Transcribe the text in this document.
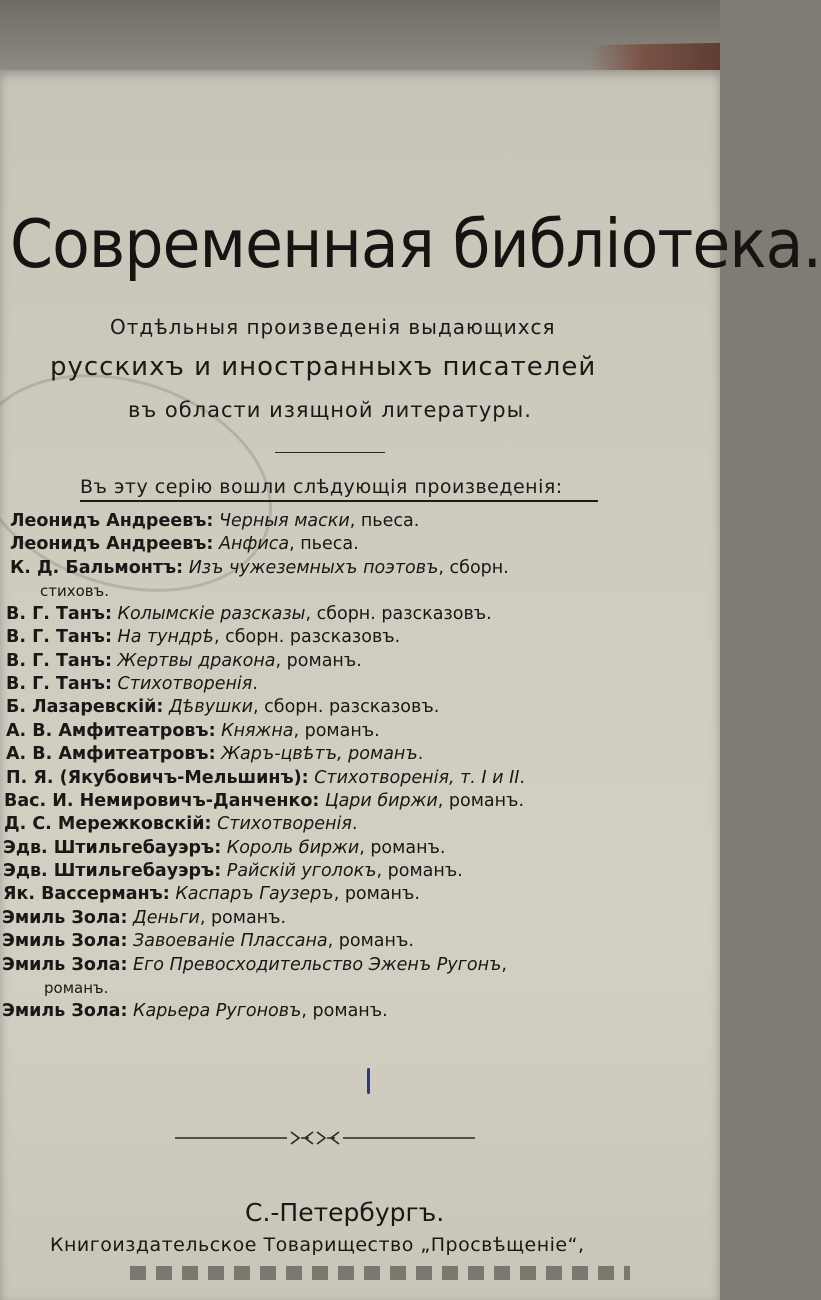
Современная библіотека.
Отдѣльныя произведенія выдающихся
русскихъ и иностранныхъ писателей
въ области изящной литературы.
Въ эту серію вошли слѣдующія произведенія:
Леонидъ Андреевъ: Черныя маски, пьеса.
Леонидъ Андреевъ: Анфиса, пьеса.
К. Д. Бальмонтъ: Изъ чужеземныхъ поэтовъ, сборн.
стиховъ.
В. Г. Танъ: Колымскіе разсказы, сборн. разсказовъ.
В. Г. Танъ: На тундрѣ, сборн. разсказовъ.
В. Г. Танъ: Жертвы дракона, романъ.
В. Г. Танъ: Стихотворенія.
Б. Лазаревскій: Дѣвушки, сборн. разсказовъ.
А. В. Амфитеатровъ: Княжна, романъ.
А. В. Амфитеатровъ: Жаръ-цвѣтъ, романъ.
П. Я. (Якубовичъ-Мельшинъ): Стихотворенія, т. I и II.
Вас. И. Немировичъ-Данченко: Цари биржи, романъ.
Д. С. Мережковскій: Стихотворенія.
Эдв. Штильгебауэръ: Король биржи, романъ.
Эдв. Штильгебауэръ: Райскій уголокъ, романъ.
Як. Вассерманъ: Каспаръ Гаузеръ, романъ.
Эмиль Зола: Деньги, романъ.
Эмиль Зола: Завоеваніе Плассана, романъ.
Эмиль Зола: Его Превосходительство Эженъ Ругонъ,
романъ.
Эмиль Зола: Карьера Ругоновъ, романъ.
С.-Петербургъ.
Книгоиздательское Товарищество „Просвѣщеніе“,
